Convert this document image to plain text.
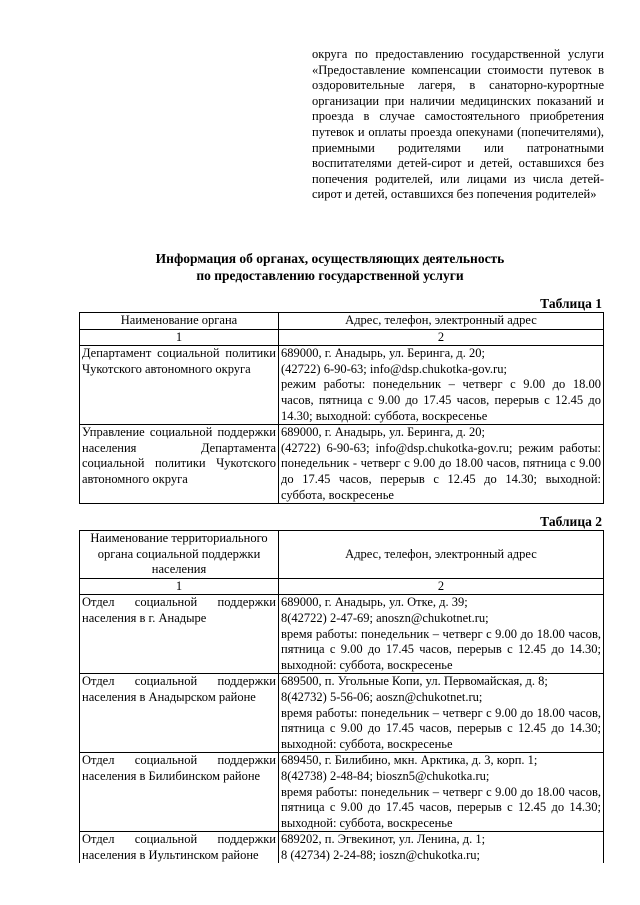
округа по предоставлению государственной услуги «Предоставление компенсации стоимости путевок в оздоровительные лагеря, в санаторно-курортные организации при наличии медицинских показаний и проезда в случае самостоятельного приобретения путевок и оплаты проезда опекунами (попечителями), приемными родителями или патронатными воспитателями детей-сирот и детей, оставшихся без попечения родителей, или лицами из числа детей-сирот и детей, оставшихся без попечения родителей»
Информация об органах, осуществляющих деятельность
по предоставлению государственной услуги
Таблица 1
Наименование органа	Адрес, телефон, электронный адрес
1	2
Департамент социальной политики Чукотского автономного округа	689000, г. Анадырь, ул. Беринга, д. 20;
(42722) 6-90-63; info@dsp.chukotka-gov.ru;
режим работы: понедельник – четверг с 9.00 до 18.00 часов, пятница с 9.00 до 17.45 часов, перерыв с 12.45 до 14.30; выходной: суббота, воскресенье

Управление социальной поддержки населения Департамента социальной политики Чукотского автономного округа	689000, г. Анадырь, ул. Беринга, д. 20;
(42722) 6-90-63; info@dsp.chukotka-gov.ru; режим работы: понедельник - четверг с 9.00 до 18.00 часов, пятница с 9.00 до 17.45 часов, перерыв с 12.45 до 14.30; выходной: суббота, воскресенье
Таблица 2
Наименование территориального органа социальной поддержки населения	Адрес, телефон, электронный адрес
1	2
Отдел социальной поддержки населения в г. Анадыре	689000, г. Анадырь, ул. Отке, д. 39;
8(42722) 2-47-69; anoszn@chukotnet.ru;
время работы: понедельник – четверг с 9.00 до 18.00 часов, пятница с 9.00 до 17.45 часов, перерыв с 12.45 до 14.30; выходной: суббота, воскресенье

Отдел социальной поддержки населения в Анадырском районе	689500, п. Угольные Копи, ул. Первомайская, д. 8;
8(42732) 5-56-06; aoszn@chukotnet.ru;
время работы: понедельник – четверг с 9.00 до 18.00 часов, пятница с 9.00 до 17.45 часов, перерыв с 12.45 до 14.30; выходной: суббота, воскресенье

Отдел социальной поддержки населения в Билибинском районе	689450, г. Билибино, мкн. Арктика, д. 3, корп. 1;
8(42738) 2-48-84; bioszn5@chukotka.ru;
время работы: понедельник – четверг с 9.00 до 18.00 часов, пятница с 9.00 до 17.45 часов, перерыв с 12.45 до 14.30; выходной: суббота, воскресенье

Отдел социальной поддержки населения в Иультинском районе	689202, п. Эгвекинот, ул. Ленина, д. 1;
8 (42734) 2-24-88; ioszn@chukotka.ru;
